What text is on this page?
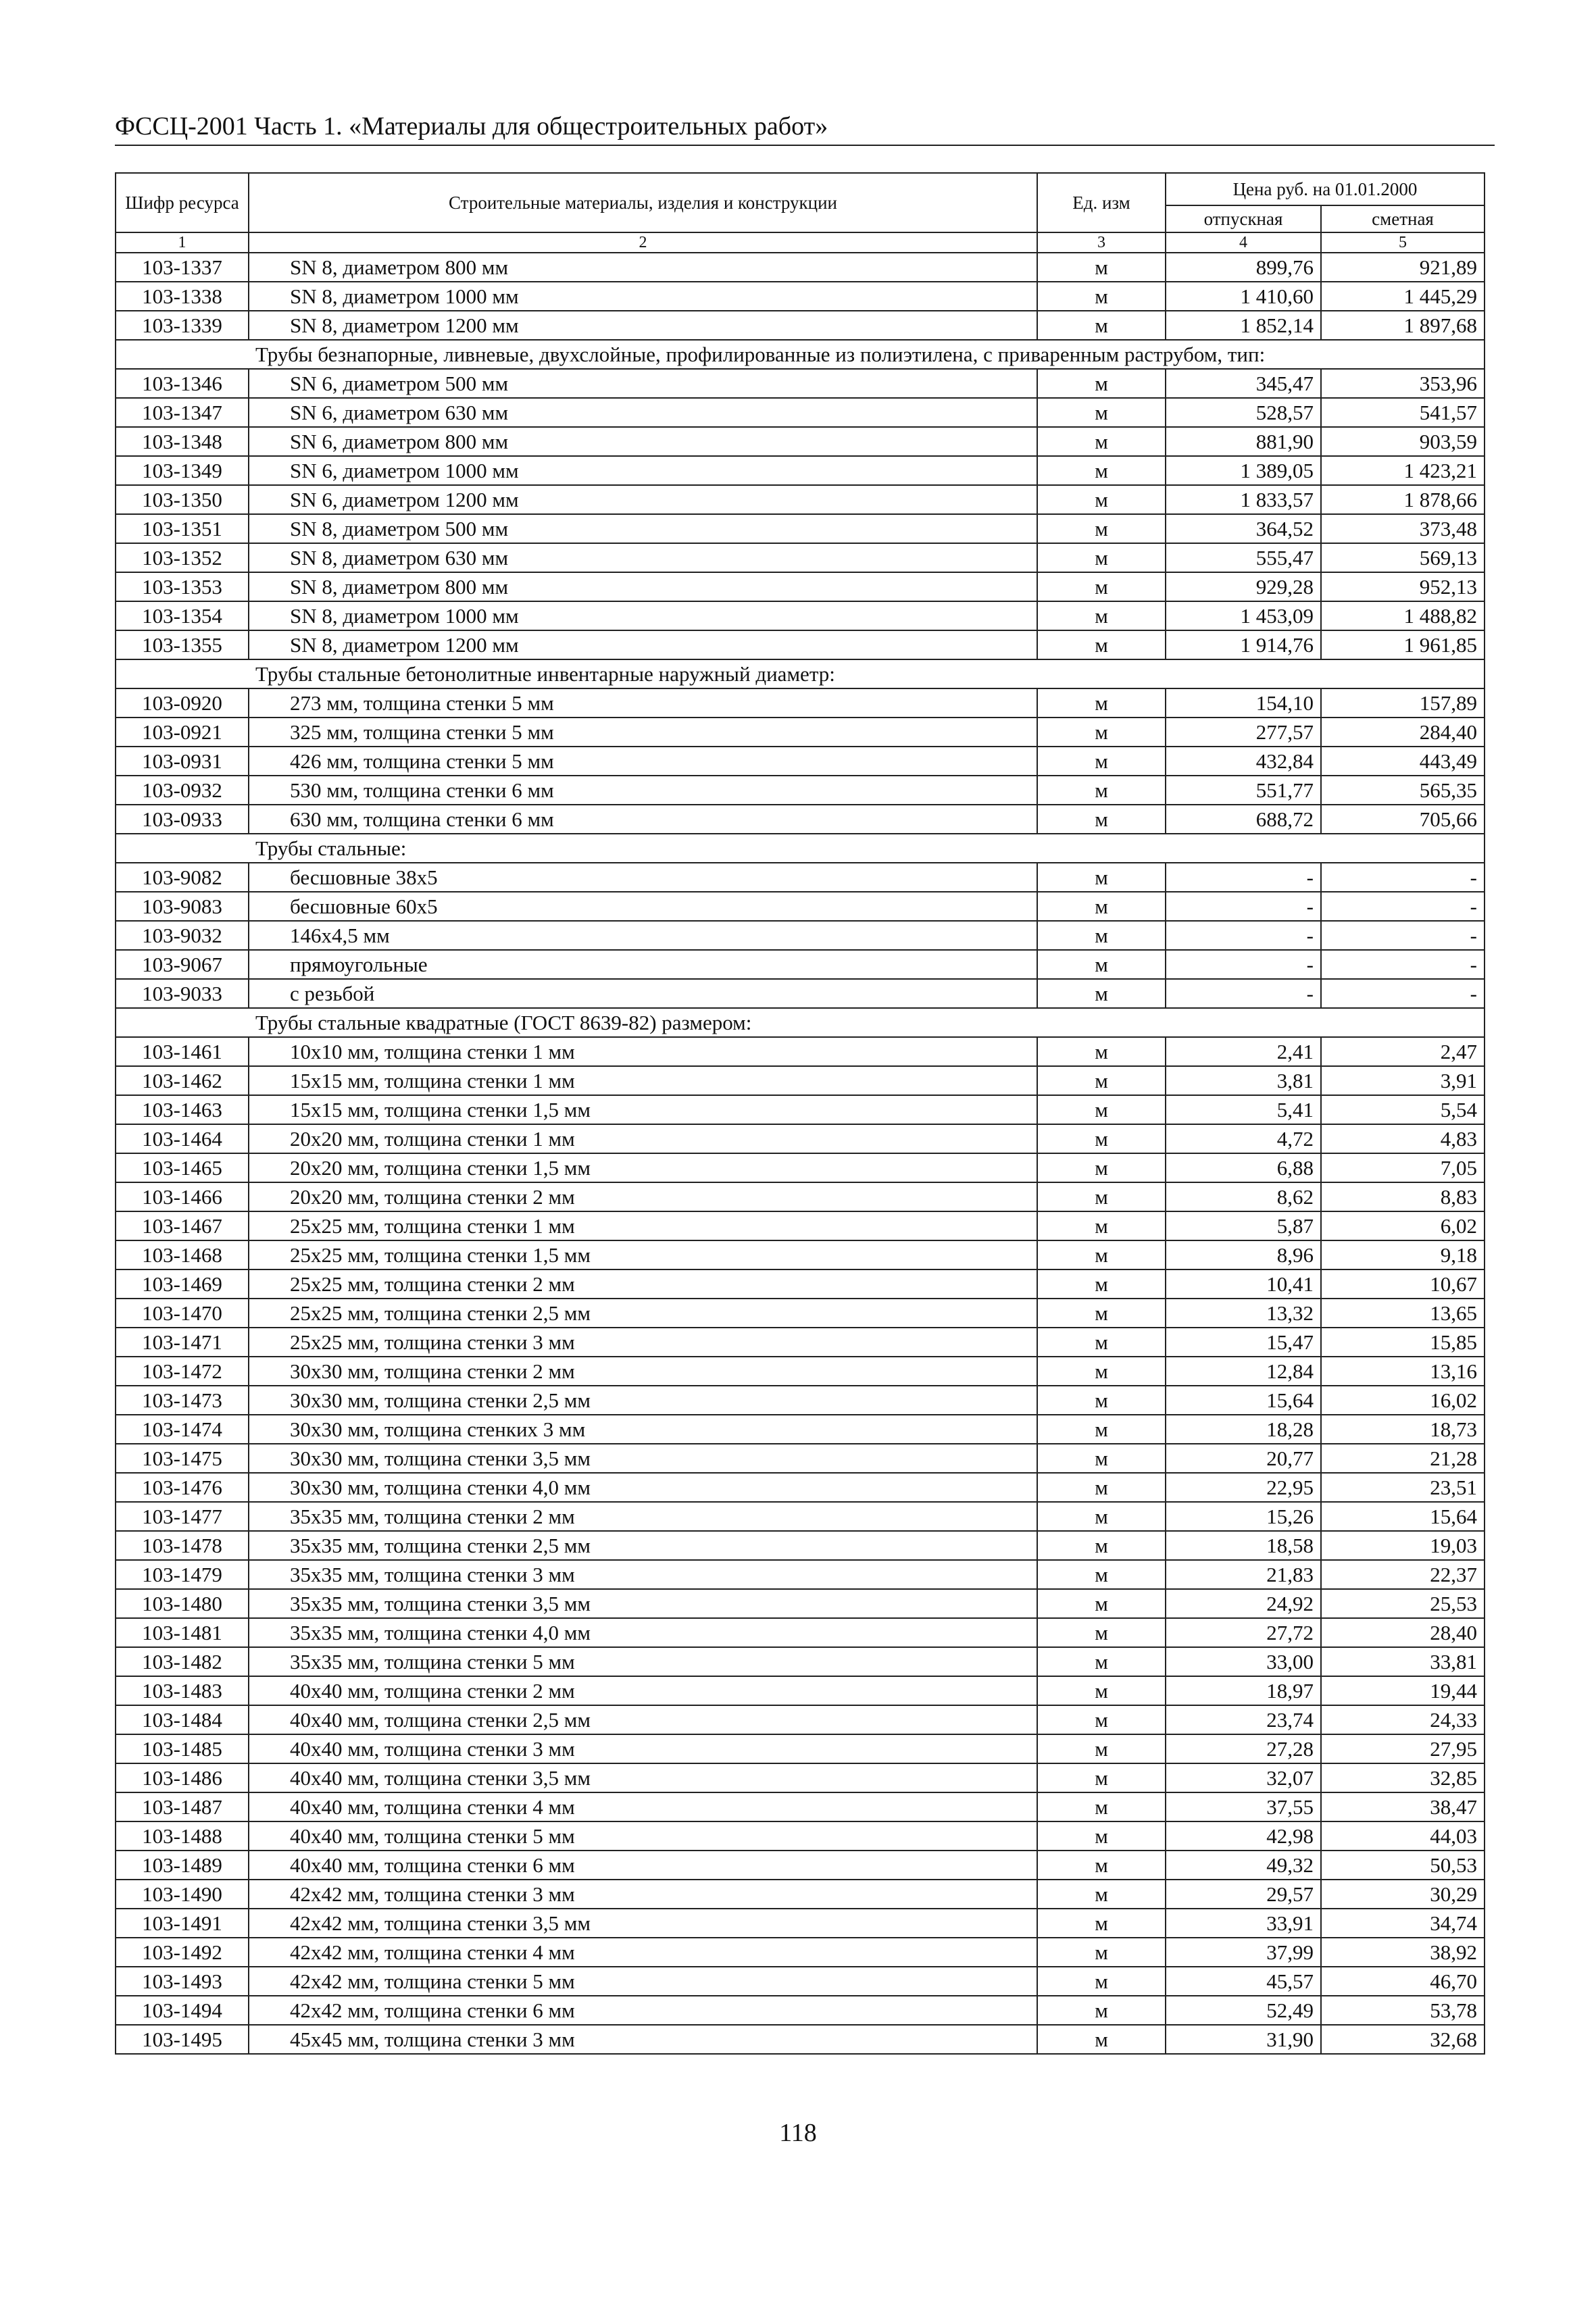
ФССЦ-2001 Часть 1. «Материалы для общестроительных работ»
Шифр ресурса	Строительные материалы, изделия и конструкции	Ед. изм	Цена руб. на 01.01.2000	
			отпускная	сметная
1	2	3	4	5
103-1337	SN 8, диаметром 800 мм	м	899,76	921,89
103-1338	SN 8, диаметром 1000 мм	м	1 410,60	1 445,29
103-1339	SN 8, диаметром 1200 мм	м	1 852,14	1 897,68
Трубы безнапорные, ливневые, двухслойные, профилированные из полиэтилена, с приваренным раструбом, тип:				
103-1346	SN 6, диаметром 500 мм	м	345,47	353,96
103-1347	SN 6, диаметром 630 мм	м	528,57	541,57
103-1348	SN 6, диаметром 800 мм	м	881,90	903,59
103-1349	SN 6, диаметром 1000 мм	м	1 389,05	1 423,21
103-1350	SN 6, диаметром 1200 мм	м	1 833,57	1 878,66
103-1351	SN 8, диаметром 500 мм	м	364,52	373,48
103-1352	SN 8, диаметром 630 мм	м	555,47	569,13
103-1353	SN 8, диаметром 800 мм	м	929,28	952,13
103-1354	SN 8, диаметром 1000 мм	м	1 453,09	1 488,82
103-1355	SN 8, диаметром 1200 мм	м	1 914,76	1 961,85
Трубы стальные бетонолитные инвентарные наружный диаметр:				
103-0920	273 мм, толщина стенки 5 мм	м	154,10	157,89
103-0921	325 мм, толщина стенки 5 мм	м	277,57	284,40
103-0931	426 мм, толщина стенки 5 мм	м	432,84	443,49
103-0932	530 мм, толщина стенки 6 мм	м	551,77	565,35
103-0933	630 мм, толщина стенки 6 мм	м	688,72	705,66
Трубы стальные:				
103-9082	бесшовные 38х5	м	-	-
103-9083	бесшовные 60х5	м	-	-
103-9032	146х4,5 мм	м	-	-
103-9067	прямоугольные	м	-	-
103-9033	с резьбой	м	-	-
Трубы стальные квадратные (ГОСТ 8639-82) размером:				
103-1461	10х10 мм, толщина стенки 1 мм	м	2,41	2,47
103-1462	15х15 мм, толщина стенки 1 мм	м	3,81	3,91
103-1463	15х15 мм, толщина стенки 1,5 мм	м	5,41	5,54
103-1464	20х20 мм, толщина стенки 1 мм	м	4,72	4,83
103-1465	20х20 мм, толщина стенки 1,5 мм	м	6,88	7,05
103-1466	20х20 мм, толщина стенки 2 мм	м	8,62	8,83
103-1467	25х25 мм, толщина стенки 1 мм	м	5,87	6,02
103-1468	25х25 мм, толщина стенки 1,5 мм	м	8,96	9,18
103-1469	25х25 мм, толщина стенки 2 мм	м	10,41	10,67
103-1470	25х25 мм, толщина стенки 2,5 мм	м	13,32	13,65
103-1471	25х25 мм, толщина стенки 3 мм	м	15,47	15,85
103-1472	30х30 мм, толщина стенки 2 мм	м	12,84	13,16
103-1473	30х30 мм, толщина стенки 2,5 мм	м	15,64	16,02
103-1474	30х30 мм, толщина стенких 3 мм	м	18,28	18,73
103-1475	30х30 мм, толщина стенки 3,5 мм	м	20,77	21,28
103-1476	30х30 мм, толщина стенки 4,0 мм	м	22,95	23,51
103-1477	35х35 мм, толщина стенки 2 мм	м	15,26	15,64
103-1478	35х35 мм, толщина стенки 2,5 мм	м	18,58	19,03
103-1479	35х35 мм, толщина стенки 3 мм	м	21,83	22,37
103-1480	35х35 мм, толщина стенки 3,5 мм	м	24,92	25,53
103-1481	35х35 мм, толщина стенки 4,0 мм	м	27,72	28,40
103-1482	35х35 мм, толщина стенки 5 мм	м	33,00	33,81
103-1483	40х40 мм, толщина стенки 2 мм	м	18,97	19,44
103-1484	40х40 мм, толщина стенки 2,5 мм	м	23,74	24,33
103-1485	40х40 мм, толщина стенки 3 мм	м	27,28	27,95
103-1486	40х40 мм, толщина стенки 3,5 мм	м	32,07	32,85
103-1487	40х40 мм, толщина стенки 4 мм	м	37,55	38,47
103-1488	40х40 мм, толщина стенки 5 мм	м	42,98	44,03
103-1489	40х40 мм, толщина стенки 6 мм	м	49,32	50,53
103-1490	42х42 мм, толщина стенки 3 мм	м	29,57	30,29
103-1491	42х42 мм, толщина стенки 3,5 мм	м	33,91	34,74
103-1492	42х42 мм, толщина стенки 4 мм	м	37,99	38,92
103-1493	42х42 мм, толщина стенки 5 мм	м	45,57	46,70
103-1494	42х42 мм, толщина стенки 6 мм	м	52,49	53,78
103-1495	45х45 мм, толщина стенки 3 мм	м	31,90	32,68
118
